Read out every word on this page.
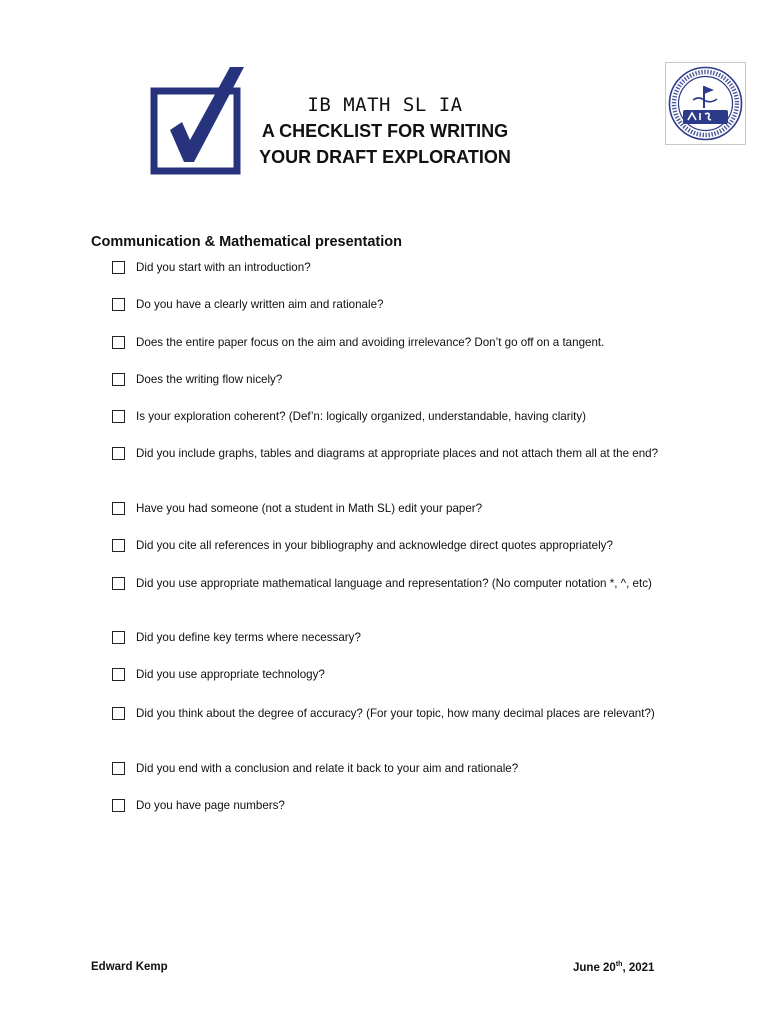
IB MATH SL IA
A CHECKLIST FOR WRITING
YOUR DRAFT EXPLORATION
Communication & Mathematical presentation
Did you start with an introduction?
Do you have a clearly written aim and rationale?
Does the entire paper focus on the aim and avoiding irrelevance? Don’t go off on a tangent.
Does the writing flow nicely?
Is your exploration coherent? (Def’n: logically organized, understandable, having clarity)
Did you include graphs, tables and diagrams at appropriate places and not attach them all at the end?
Have you had someone (not a student in Math SL) edit your paper?
Did you cite all references in your bibliography and acknowledge direct quotes appropriately?
Did you use appropriate mathematical language and representation? (No computer notation *, ^, etc)
Did you define key terms where necessary?
Did you use appropriate technology?
Did you think about the degree of accuracy? (For your topic, how many decimal places are relevant?)
Did you end with a conclusion and relate it back to your aim and rationale?
Do you have page numbers?
Edward Kemp	June 20th, 2021
